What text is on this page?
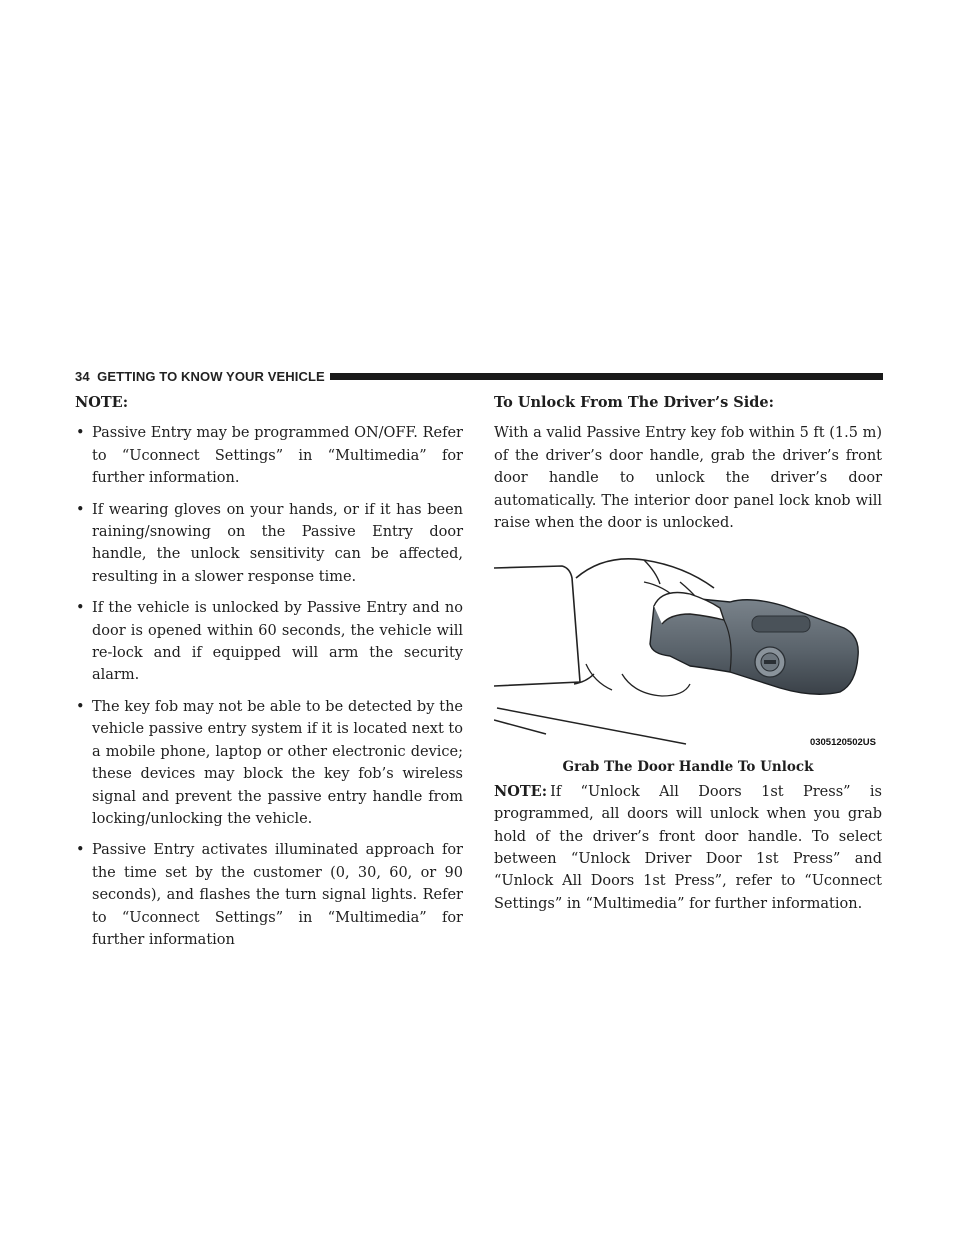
34 GETTING TO KNOW YOUR VEHICLE

NOTE:

• Passive Entry may be programmed ON/OFF. Refer to “Uconnect Settings” in “Multimedia” for further information.
• If wearing gloves on your hands, or if it has been raining/snowing on the Passive Entry door handle, the unlock sensitivity can be affected, resulting in a slower response time.
• If the vehicle is unlocked by Passive Entry and no door is opened within 60 seconds, the vehicle will re-lock and if equipped will arm the security alarm.
• The key fob may not be able to be detected by the vehicle passive entry system if it is located next to a mobile phone, laptop or other electronic device; these devices may block the key fob’s wireless signal and prevent the passive entry handle from locking/unlocking the vehicle.
• Passive Entry activates illuminated approach for the time set by the customer (0, 30, 60, or 90 seconds), and flashes the turn signal lights. Refer to “Uconnect Settings” in “Multimedia” for further information

To Unlock From The Driver’s Side:

With a valid Passive Entry key fob within 5 ft (1.5 m) of the driver’s door handle, grab the driver’s front door handle to unlock the driver’s door automatically. The interior door panel lock knob will raise when the door is unlocked.

0305120502US

Grab The Door Handle To Unlock

NOTE: If “Unlock All Doors 1st Press” is programmed, all doors will unlock when you grab hold of the driver’s front door handle. To select between “Unlock Driver Door 1st Press” and “Unlock All Doors 1st Press”, refer to “Uconnect Settings” in “Multimedia” for further information.
